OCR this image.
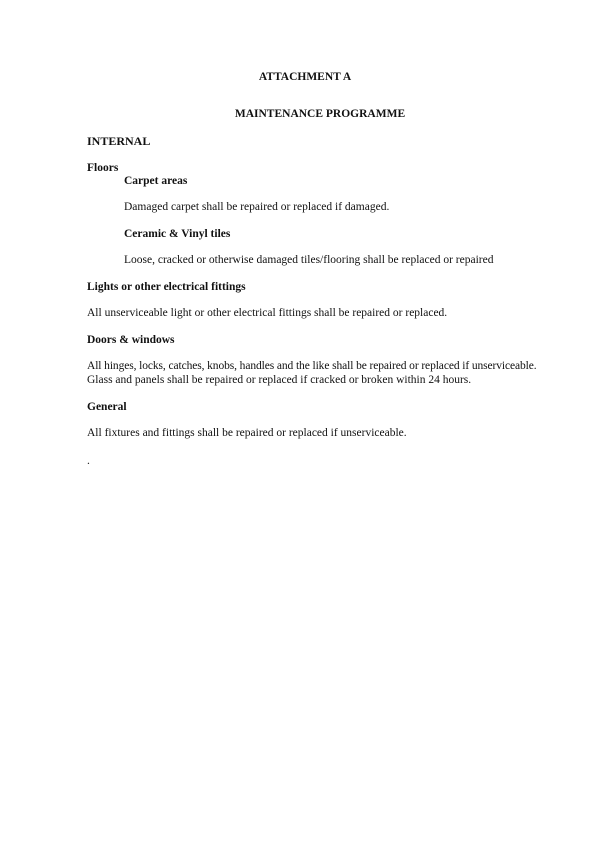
ATTACHMENT A
MAINTENANCE PROGRAMME
INTERNAL
Floors
Carpet areas
Damaged carpet shall be repaired or replaced if damaged.
Ceramic & Vinyl tiles
Loose, cracked or otherwise damaged tiles/flooring shall be replaced or repaired
Lights or other electrical fittings
All unserviceable light or other electrical fittings shall be repaired or replaced.
Doors & windows
All hinges, locks, catches, knobs, handles and the like shall be repaired or replaced if unserviceable.
Glass and panels shall be repaired or replaced if cracked or broken within 24 hours.
General
All fixtures and fittings shall be repaired or replaced if unserviceable.
.
